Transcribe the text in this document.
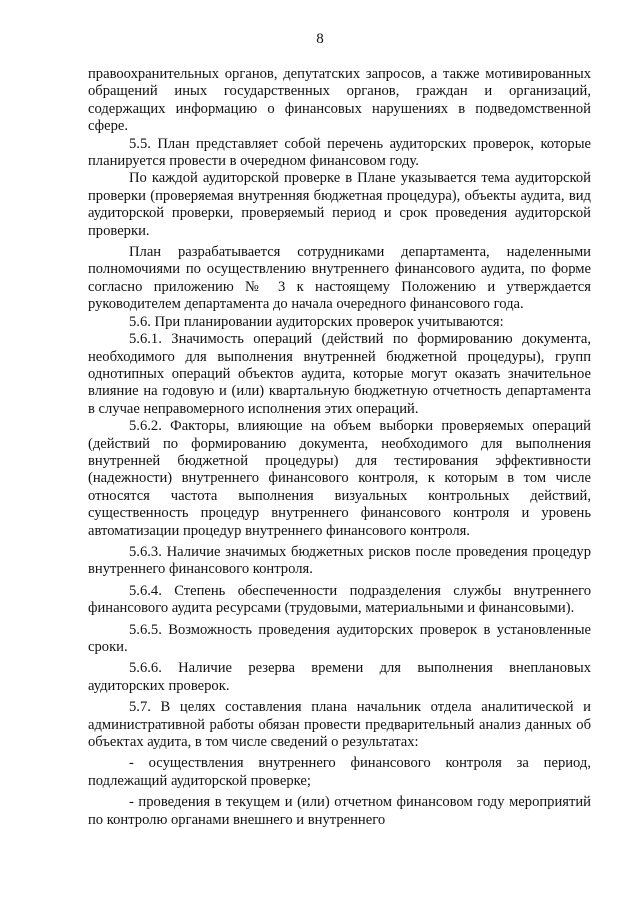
8

правоохранительных органов, депутатских запросов, а также мотивированных обращений иных государственных органов, граждан и организаций, содержащих информацию о финансовых нарушениях в подведомственной сфере.

5.5. План представляет собой перечень аудиторских проверок, которые планируется провести в очередном финансовом году.

По каждой аудиторской проверке в Плане указывается тема аудиторской проверки (проверяемая внутренняя бюджетная процедура), объекты аудита, вид аудиторской проверки, проверяемый период и срок проведения аудиторской проверки.

План разрабатывается сотрудниками департамента, наделенными полномочиями по осуществлению внутреннего финансового аудита, по форме согласно приложению № 3 к настоящему Положению и утверждается руководителем департамента до начала очередного финансового года.

5.6. При планировании аудиторских проверок учитываются:

5.6.1. Значимость операций (действий по формированию документа, необходимого для выполнения внутренней бюджетной процедуры), групп однотипных операций объектов аудита, которые могут оказать значительное влияние на годовую и (или) квартальную бюджетную отчетность департамента в случае неправомерного исполнения этих операций.

5.6.2. Факторы, влияющие на объем выборки проверяемых операций (действий по формированию документа, необходимого для выполнения внутренней бюджетной процедуры) для тестирования эффективности (надежности) внутреннего финансового контроля, к которым в том числе относятся частота выполнения визуальных контрольных действий, существенность процедур внутреннего финансового контроля и уровень автоматизации процедур внутреннего финансового контроля.

5.6.3. Наличие значимых бюджетных рисков после проведения процедур внутреннего финансового контроля.

5.6.4. Степень обеспеченности подразделения службы внутреннего финансового аудита ресурсами (трудовыми, материальными и финансовыми).

5.6.5. Возможность проведения аудиторских проверок в установленные сроки.

5.6.6. Наличие резерва времени для выполнения внеплановых аудиторских проверок.

5.7. В целях составления плана начальник отдела аналитической и административной работы обязан провести предварительный анализ данных об объектах аудита, в том числе сведений о результатах:

- осуществления внутреннего финансового контроля за период, подлежащий аудиторской проверке;

- проведения в текущем и (или) отчетном финансовом году мероприятий по контролю органами внешнего и внутреннего
